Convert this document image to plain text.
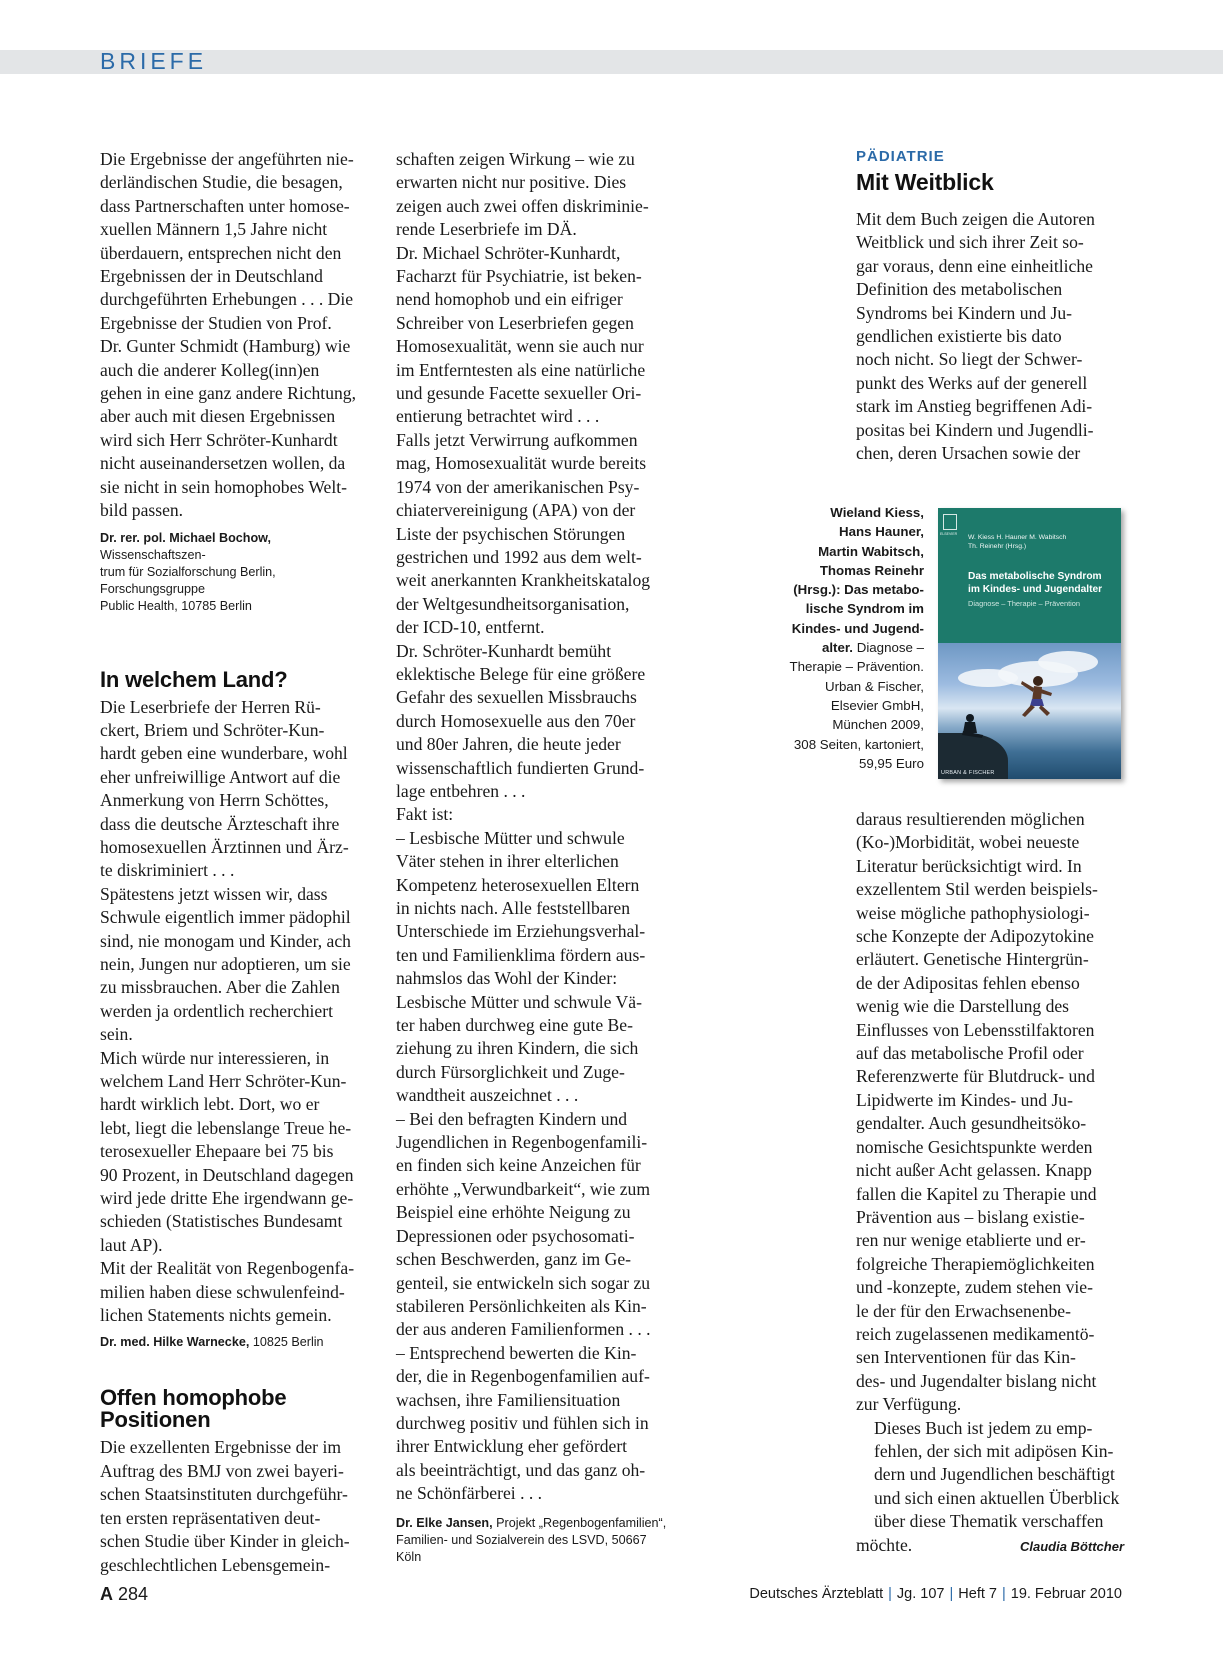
BRIEFE
Die Ergebnisse der angeführten nie-
derländischen Studie, die besagen,
dass Partnerschaften unter homose-
xuellen Männern 1,5 Jahre nicht
überdauern, entsprechen nicht den
Ergebnissen der in Deutschland
durchgeführten Erhebungen . . . Die
Ergebnisse der Studien von Prof.
Dr. Gunter Schmidt (Hamburg) wie
auch die anderer Kolleg(inn)en
gehen in eine ganz andere Richtung,
aber auch mit diesen Ergebnissen
wird sich Herr Schröter-Kunhardt
nicht auseinandersetzen wollen, da
sie nicht in sein homophobes Welt-
bild passen.
Dr. rer. pol. Michael Bochow, Wissenschaftszen-
trum für Sozialforschung Berlin, Forschungsgruppe
Public Health, 10785 Berlin
In welchem Land?
Die Leserbriefe der Herren Rü-
ckert, Briem und Schröter-Kun-
hardt geben eine wunderbare, wohl
eher unfreiwillige Antwort auf die
Anmerkung von Herrn Schöttes,
dass die deutsche Ärzteschaft ihre
homosexuellen Ärztinnen und Ärz-
te diskriminiert . . .
Spätestens jetzt wissen wir, dass
Schwule eigentlich immer pädophil
sind, nie monogam und Kinder, ach
nein, Jungen nur adoptieren, um sie
zu missbrauchen. Aber die Zahlen
werden ja ordentlich recherchiert
sein.
Mich würde nur interessieren, in
welchem Land Herr Schröter-Kun-
hardt wirklich lebt. Dort, wo er
lebt, liegt die lebenslange Treue he-
terosexueller Ehepaare bei 75 bis
90 Prozent, in Deutschland dagegen
wird jede dritte Ehe irgendwann ge-
schieden (Statistisches Bundesamt
laut AP).
Mit der Realität von Regenbogenfa-
milien haben diese schwulenfeind-
lichen Statements nichts gemein.
Dr. med. Hilke Warnecke, 10825 Berlin
Offen homophobe
Positionen
Die exzellenten Ergebnisse der im
Auftrag des BMJ von zwei bayeri-
schen Staatsinstituten durchgeführ-
ten ersten repräsentativen deut-
schen Studie über Kinder in gleich-
geschlechtlichen Lebensgemein-
schaften zeigen Wirkung – wie zu
erwarten nicht nur positive. Dies
zeigen auch zwei offen diskriminie-
rende Leserbriefe im DÄ.
Dr. Michael Schröter-Kunhardt,
Facharzt für Psychiatrie, ist beken-
nend homophob und ein eifriger
Schreiber von Leserbriefen gegen
Homosexualität, wenn sie auch nur
im Entferntesten als eine natürliche
und gesunde Facette sexueller Ori-
entierung betrachtet wird . . .
Falls jetzt Verwirrung aufkommen
mag, Homosexualität wurde bereits
1974 von der amerikanischen Psy-
chiatervereinigung (APA) von der
Liste der psychischen Störungen
gestrichen und 1992 aus dem welt-
weit anerkannten Krankheitskatalog
der Weltgesundheitsorganisation,
der ICD-10, entfernt.
Dr. Schröter-Kunhardt bemüht
eklektische Belege für eine größere
Gefahr des sexuellen Missbrauchs
durch Homosexuelle aus den 70er
und 80er Jahren, die heute jeder
wissenschaftlich fundierten Grund-
lage entbehren . . .
Fakt ist:
– Lesbische Mütter und schwule
Väter stehen in ihrer elterlichen
Kompetenz heterosexuellen Eltern
in nichts nach. Alle feststellbaren
Unterschiede im Erziehungsverhal-
ten und Familienklima fördern aus-
nahmslos das Wohl der Kinder:
Lesbische Mütter und schwule Vä-
ter haben durchweg eine gute Be-
ziehung zu ihren Kindern, die sich
durch Fürsorglichkeit und Zuge-
wandtheit auszeichnet . . .
– Bei den befragten Kindern und
Jugendlichen in Regenbogenfamili-
en finden sich keine Anzeichen für
erhöhte „Verwundbarkeit“, wie zum
Beispiel eine erhöhte Neigung zu
Depressionen oder psychosomati-
schen Beschwerden, ganz im Ge-
genteil, sie entwickeln sich sogar zu
stabileren Persönlichkeiten als Kin-
der aus anderen Familienformen . . .
– Entsprechend bewerten die Kin-
der, die in Regenbogenfamilien auf-
wachsen, ihre Familiensituation
durchweg positiv und fühlen sich in
ihrer Entwicklung eher gefördert
als beeinträchtigt, und das ganz oh-
ne Schönfärberei . . .
Dr. Elke Jansen, Projekt „Regenbogenfamilien“,
Familien- und Sozialverein des LSVD, 50667 Köln
PÄDIATRIE
Mit Weitblick
Mit dem Buch zeigen die Autoren
Weitblick und sich ihrer Zeit so-
gar voraus, denn eine einheitliche
Definition des metabolischen
Syndroms bei Kindern und Ju-
gendlichen existierte bis dato
noch nicht. So liegt der Schwer-
punkt des Werks auf der generell
stark im Anstieg begriffenen Adi-
positas bei Kindern und Jugendli-
chen, deren Ursachen sowie der
daraus resultierenden möglichen
(Ko-)Morbidität, wobei neueste
Literatur berücksichtigt wird. In
exzellentem Stil werden beispiels-
weise mögliche pathophysiologi-
sche Konzepte der Adipozytokine
erläutert. Genetische Hintergrün-
de der Adipositas fehlen ebenso
wenig wie die Darstellung des
Einflusses von Lebensstilfaktoren
auf das metabolische Profil oder
Referenzwerte für Blutdruck- und
Lipidwerte im Kindes- und Ju-
gendalter. Auch gesundheitsöko-
nomische Gesichtspunkte werden
nicht außer Acht gelassen. Knapp
fallen die Kapitel zu Therapie und
Prävention aus – bislang existie-
ren nur wenige etablierte und er-
folgreiche Therapiemöglichkeiten
und -konzepte, zudem stehen vie-
le der für den Erwachsenenbe-
reich zugelassenen medikamentö-
sen Interventionen für das Kin-
des- und Jugendalter bislang nicht
zur Verfügung.
Dieses Buch ist jedem zu emp-
fehlen, der sich mit adipösen Kin-
dern und Jugendlichen beschäftigt
und sich einen aktuellen Überblick
über diese Thematik verschaffen
möchte.	Claudia Böttcher
Wieland Kiess,
Hans Hauner,
Martin Wabitsch,
Thomas Reinehr
(Hrsg.): Das metabo-
lische Syndrom im
Kindes- und Jugend-
alter. Diagnose –
Therapie – Prävention.
Urban & Fischer,
Elsevier GmbH,
München 2009,
308 Seiten, kartoniert,
59,95 Euro
ELSEVIER W. Kiess H. Hauner M. Wabitsch
Th. Reinehr (Hrsg.)
Das metabolische Syndrom
im Kindes- und Jugendalter
Diagnose – Therapie – Prävention
URBAN & FISCHER
A 284	Deutsches Ärzteblatt | Jg. 107 | Heft 7 | 19. Februar 2010
